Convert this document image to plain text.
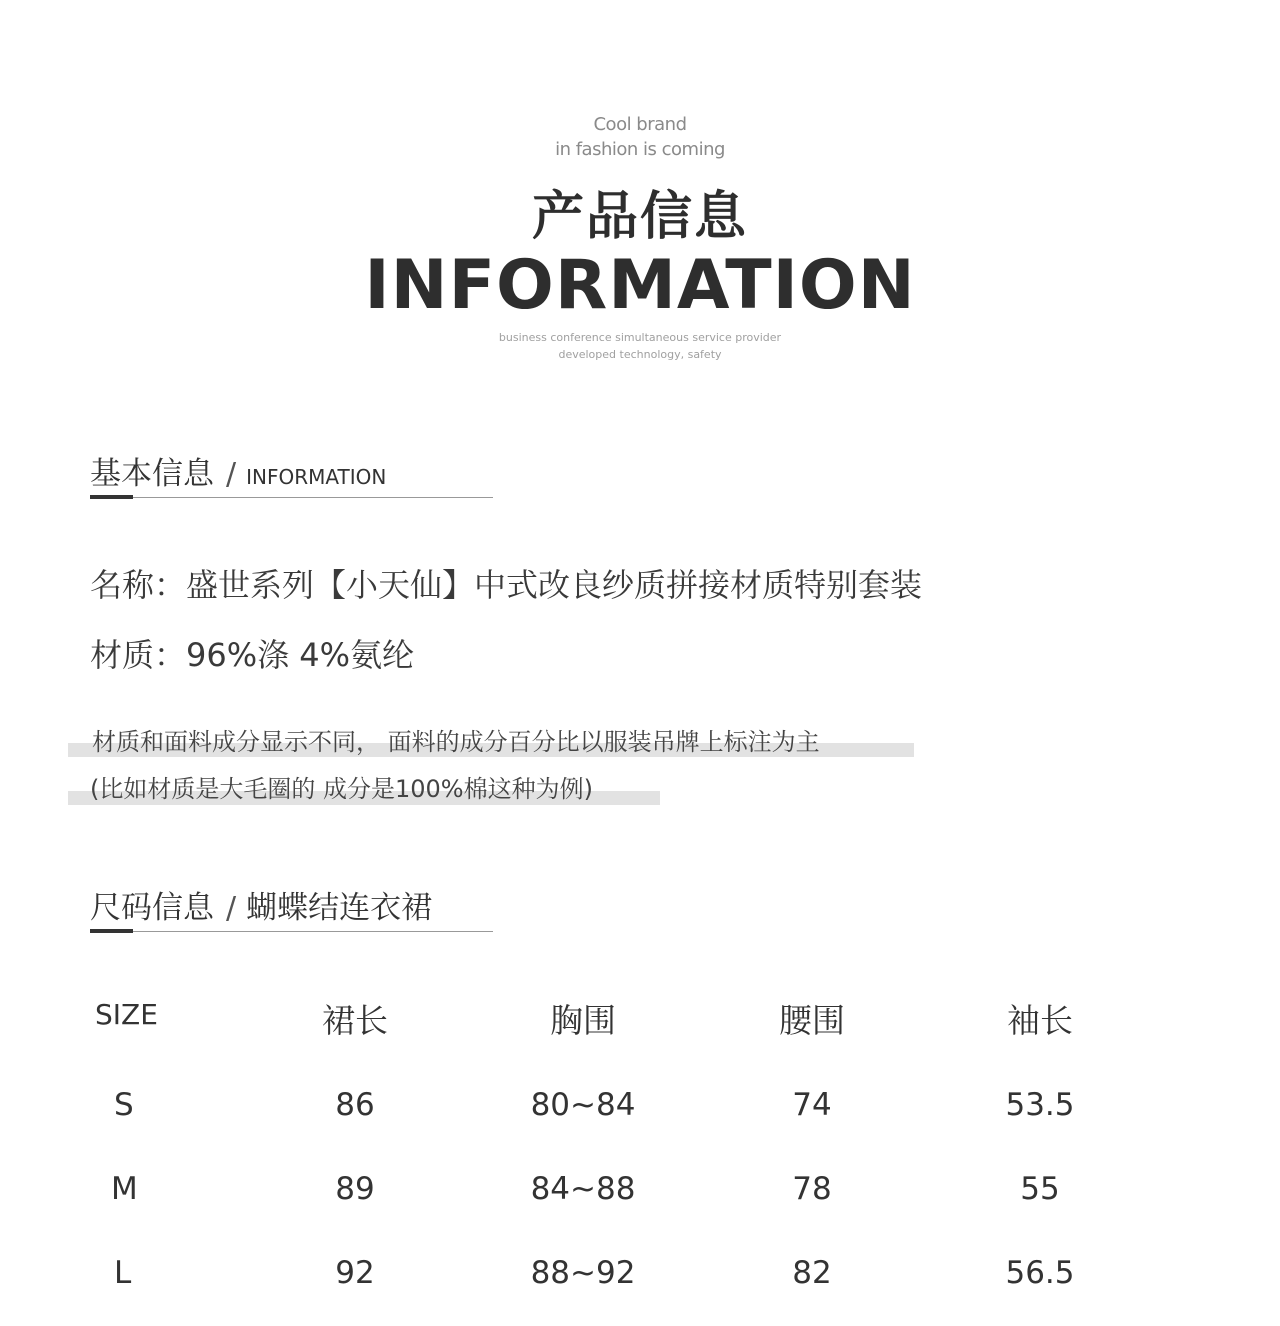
Cool brand
in fashion is coming
产品信息
INFORMATION
business conference simultaneous service provider
developed technology, safety
基本信息 / INFORMATION
名称：盛世系列【小天仙】中式改良纱质拼接材质特别套装
材质：96%涤 4%氨纶
材质和面料成分显示不同， 面料的成分百分比以服装吊牌上标注为主
(比如材质是大毛圈的 成分是100%棉这种为例)
尺码信息 / 蝴蝶结连衣裙
SIZE	裙长	胸围	腰围	袖长
S	86	80~84	74	53.5
M	89	84~88	78	55
L	92	88~92	82	56.5
